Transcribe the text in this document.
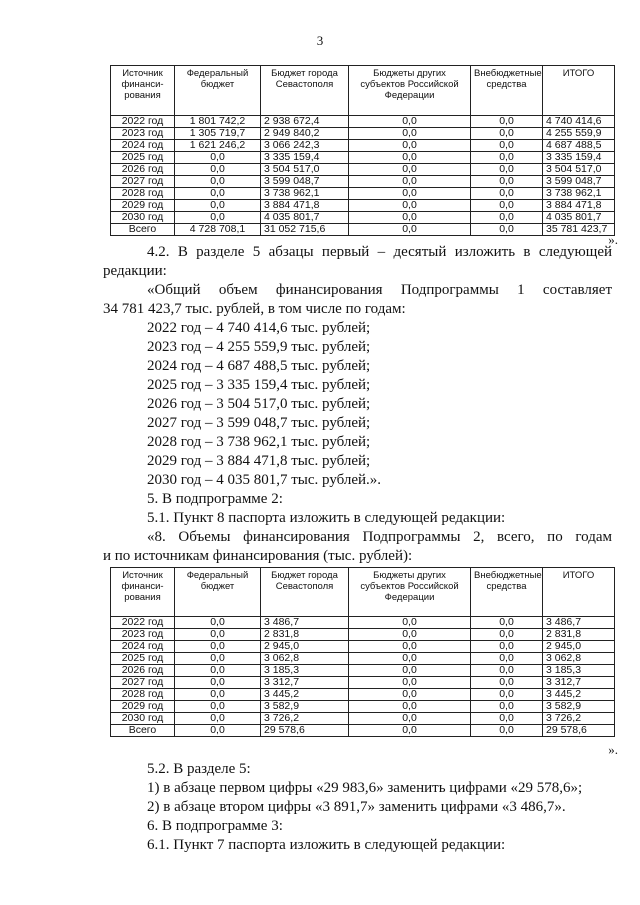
3
Источник финанси-рования	Федеральный бюджет	Бюджет города Севастополя	Бюджеты других субъектов Российской Федерации	Внебюджетные средства	ИТОГО
2022 год	1 801 742,2	2 938 672,4	0,0	0,0	4 740 414,6
2023 год	1 305 719,7	2 949 840,2	0,0	0,0	4 255 559,9
2024 год	1 621 246,2	3 066 242,3	0,0	0,0	4 687 488,5
2025 год	0,0	3 335 159,4	0,0	0,0	3 335 159,4
2026 год	0,0	3 504 517,0	0,0	0,0	3 504 517,0
2027 год	0,0	3 599 048,7	0,0	0,0	3 599 048,7
2028 год	0,0	3 738 962,1	0,0	0,0	3 738 962,1
2029 год	0,0	3 884 471,8	0,0	0,0	3 884 471,8
2030 год	0,0	4 035 801,7	0,0	0,0	4 035 801,7
Всего	4 728 708,1	31 052 715,6	0,0	0,0	35 781 423,7
».
4.2. В разделе 5 абзацы первый – десятый изложить в следующей
редакции:
«Общий объем финансирования Подпрограммы 1 составляет
34 781 423,7 тыс. рублей, в том числе по годам:
2022 год – 4 740 414,6 тыс. рублей;
2023 год – 4 255 559,9 тыс. рублей;
2024 год – 4 687 488,5 тыс. рублей;
2025 год – 3 335 159,4 тыс. рублей;
2026 год – 3 504 517,0 тыс. рублей;
2027 год – 3 599 048,7 тыс. рублей;
2028 год – 3 738 962,1 тыс. рублей;
2029 год – 3 884 471,8 тыс. рублей;
2030 год – 4 035 801,7 тыс. рублей.».
5. В подпрограмме 2:
5.1. Пункт 8 паспорта изложить в следующей редакции:
«8. Объемы финансирования Подпрограммы 2, всего, по годам
и по источникам финансирования (тыс. рублей):
Источник финанси-рования	Федеральный бюджет	Бюджет города Севастополя	Бюджеты других субъектов Российской Федерации	Внебюджетные средства	ИТОГО
2022 год	0,0	3 486,7	0,0	0,0	3 486,7
2023 год	0,0	2 831,8	0,0	0,0	2 831,8
2024 год	0,0	2 945,0	0,0	0,0	2 945,0
2025 год	0,0	3 062,8	0,0	0,0	3 062,8
2026 год	0,0	3 185,3	0,0	0,0	3 185,3
2027 год	0,0	3 312,7	0,0	0,0	3 312,7
2028 год	0,0	3 445,2	0,0	0,0	3 445,2
2029 год	0,0	3 582,9	0,0	0,0	3 582,9
2030 год	0,0	3 726,2	0,0	0,0	3 726,2
Всего	0,0	29 578,6	0,0	0,0	29 578,6
».
5.2. В разделе 5:
1) в абзаце первом цифры «29 983,6» заменить цифрами «29 578,6»;
2) в абзаце втором цифры «3 891,7» заменить цифрами «3 486,7».
6. В подпрограмме 3:
6.1. Пункт 7 паспорта изложить в следующей редакции:
